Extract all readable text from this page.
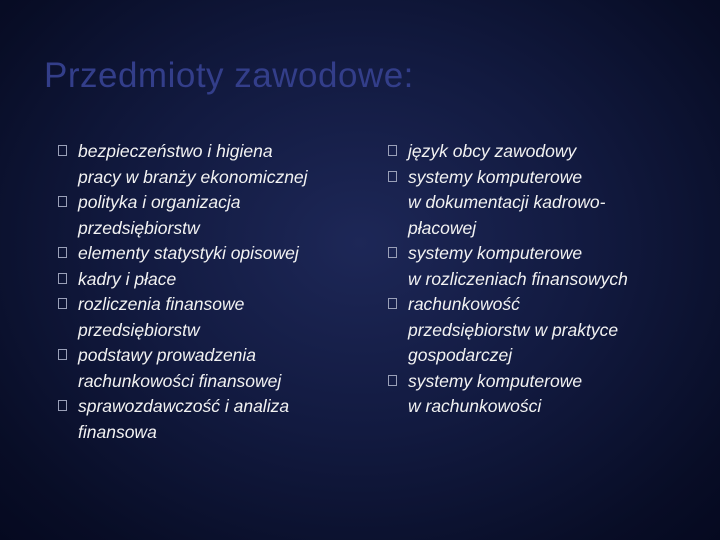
Przedmioty zawodowe:
bezpieczeństwo i higiena
pracy w branży ekonomicznej
polityka i organizacja
przedsiębiorstw
elementy statystyki opisowej
kadry i płace
rozliczenia finansowe
przedsiębiorstw
podstawy prowadzenia
rachunkowości finansowej
sprawozdawczość i analiza
finansowa
język obcy zawodowy
systemy komputerowe
w dokumentacji kadrowo-
płacowej
systemy komputerowe
w rozliczeniach finansowych
rachunkowość
przedsiębiorstw w praktyce
gospodarczej
systemy komputerowe
w rachunkowości
